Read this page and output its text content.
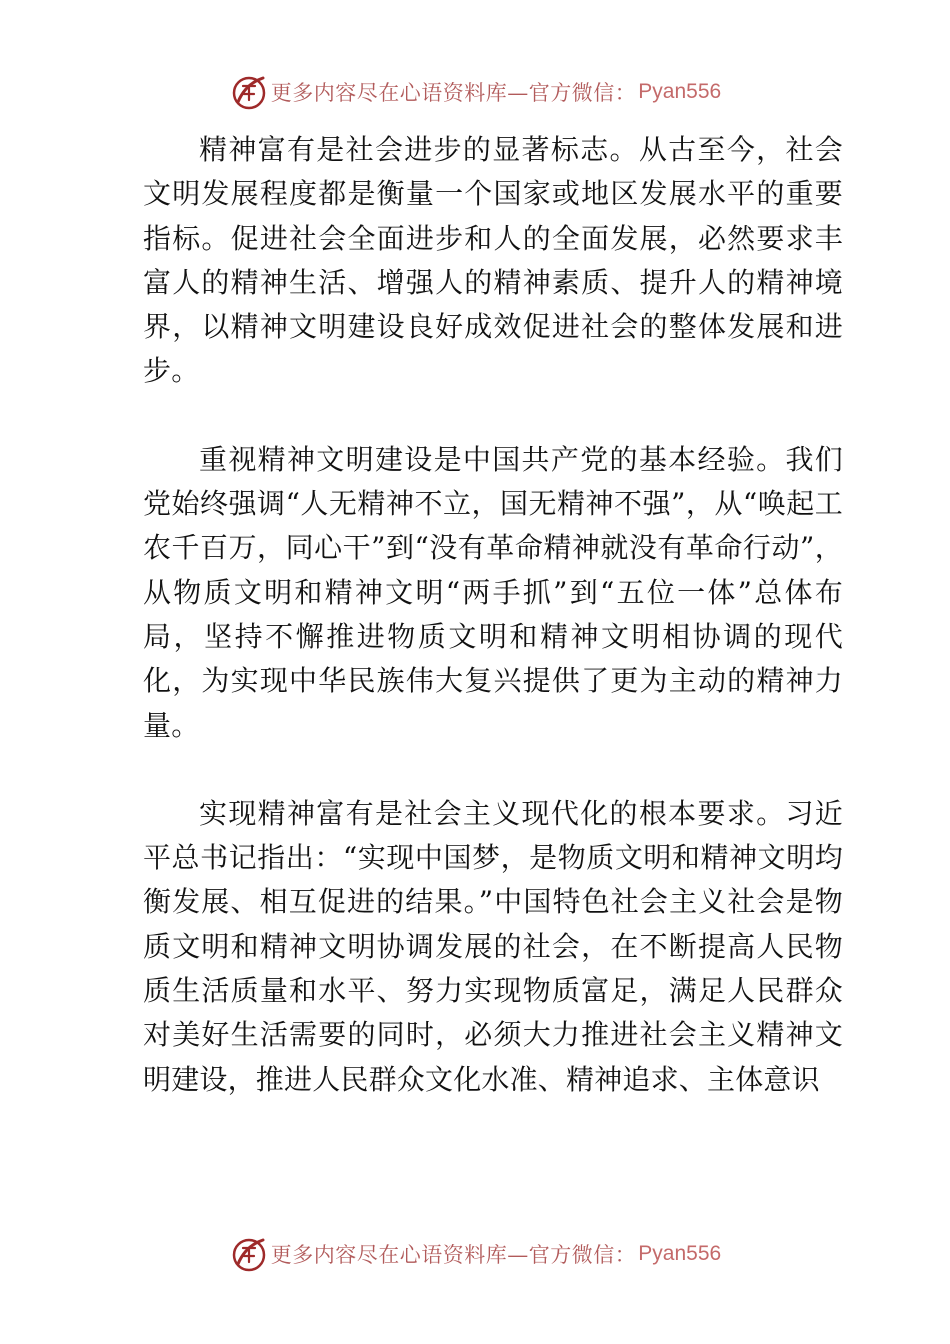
更多内容尽在心语资料库—官方微信： Pyan556

精神富有是社会进步的显著标志。从古至今，社会文明发展程度都是衡量一个国家或地区发展水平的重要指标。促进社会全面进步和人的全面发展，必然要求丰富人的精神生活、增强人的精神素质、提升人的精神境界，以精神文明建设良好成效促进社会的整体发展和进步。

重视精神文明建设是中国共产党的基本经验。我们党始终强调“人无精神不立，国无精神不强”，从“唤起工农千百万，同心干”到“没有革命精神就没有革命行动”，从物质文明和精神文明“两手抓”到“五位一体”总体布局，坚持不懈推进物质文明和精神文明相协调的现代化，为实现中华民族伟大复兴提供了更为主动的精神力量。

实现精神富有是社会主义现代化的根本要求。习近平总书记指出：“实现中国梦，是物质文明和精神文明均衡发展、相互促进的结果。”中国特色社会主义社会是物质文明和精神文明协调发展的社会，在不断提高人民物质生活质量和水平、努力实现物质富足，满足人民群众对美好生活需要的同时，必须大力推进社会主义精神文明建设，推进人民群众文化水准、精神追求、主体意识

更多内容尽在心语资料库—官方微信： Pyan556
